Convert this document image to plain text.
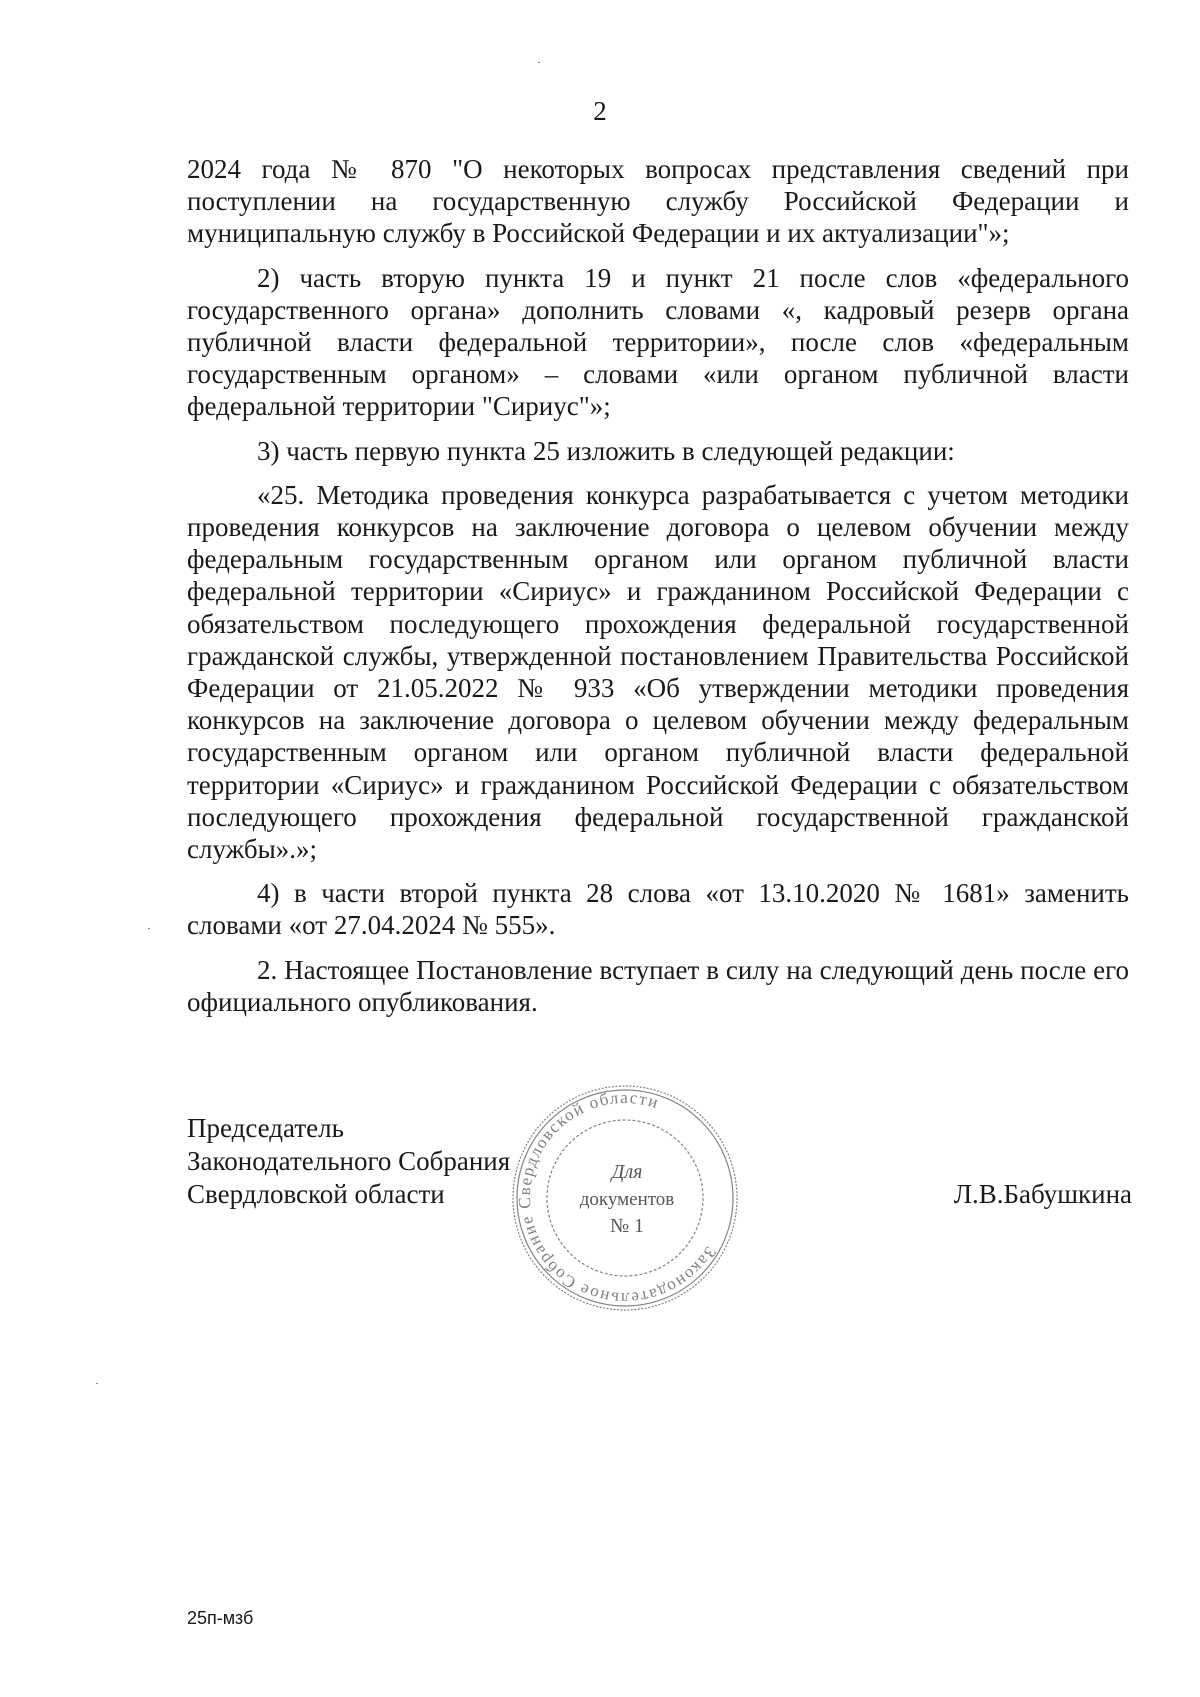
2

2024 года № 870 "О некоторых вопросах представления сведений при поступлении на государственную службу Российской Федерации и муниципальную службу в Российской Федерации и их актуализации"»;

2) часть вторую пункта 19 и пункт 21 после слов «федерального государственного органа» дополнить словами «, кадровый резерв органа публичной власти федеральной территории», после слов «федеральным государственным органом» – словами «или органом публичной власти федеральной территории "Сириус"»;

3) часть первую пункта 25 изложить в следующей редакции:

«25. Методика проведения конкурса разрабатывается с учетом методики проведения конкурсов на заключение договора о целевом обучении между федеральным государственным органом или органом публичной власти федеральной территории «Сириус» и гражданином Российской Федерации с обязательством последующего прохождения федеральной государственной гражданской службы, утвержденной постановлением Правительства Российской Федерации от 21.05.2022 № 933 «Об утверждении методики проведения конкурсов на заключение договора о целевом обучении между федеральным государственным органом или органом публичной власти федеральной территории «Сириус» и гражданином Российской Федерации с обязательством последующего прохождения федеральной государственной гражданской службы».»;

4) в части второй пункта 28 слова «от 13.10.2020 № 1681» заменить словами «от 27.04.2024 № 555».

2. Настоящее Постановление вступает в силу на следующий день после его официального опубликования.

Председатель
Законодательного Собрания
Свердловской области
Законодательное Собрание Свердловской области
Для
документов
№ 1
Л.В.Бабушкина
25п-мзб
